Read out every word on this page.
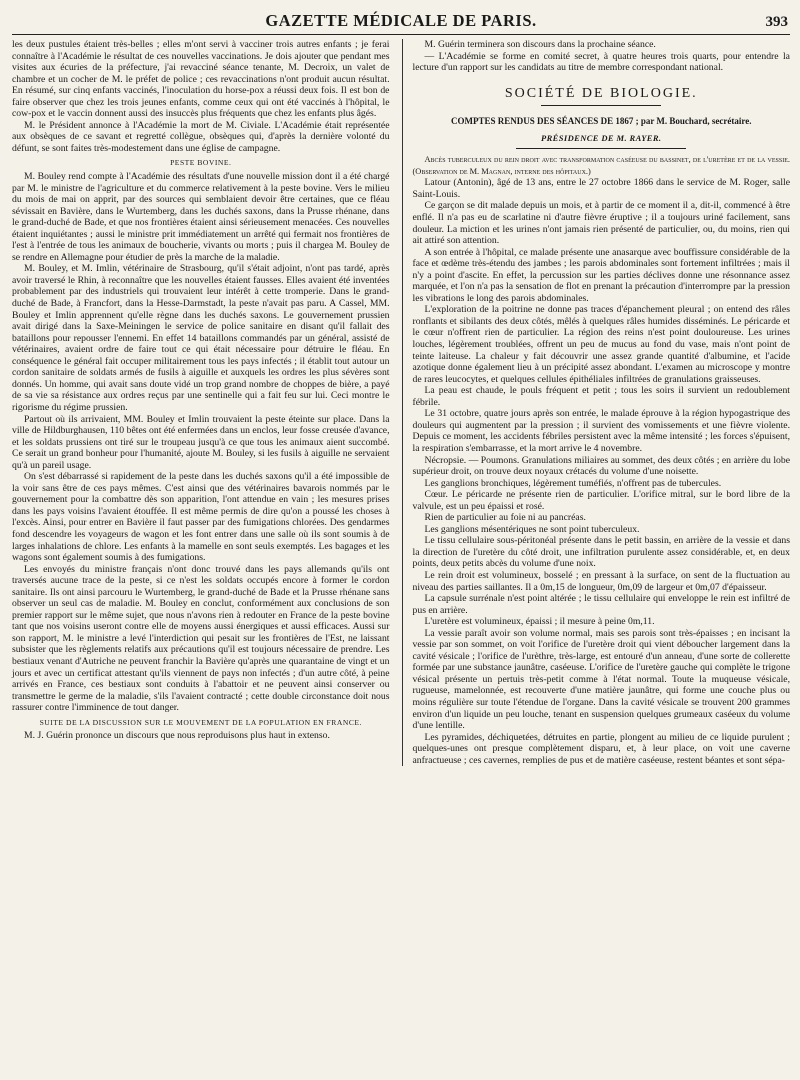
GAZETTE MÉDICALE DE PARIS.	393

les deux pustules étaient très-belles ; elles m'ont servi à vacciner trois autres enfants ; je ferai connaître à l'Académie le résultat de ces nouvelles vaccinations. Je dois ajouter que pendant mes visites aux écuries de la préfecture, j'ai revacciné séance tenante, M. Decroix, un valet de chambre et un cocher de M. le préfet de police ; ces revaccinations n'ont produit aucun résultat. En résumé, sur cinq enfants vaccinés, l'inoculation du horse-pox a réussi deux fois. Il est bon de faire observer que chez les trois jeunes enfants, comme ceux qui ont été vaccinés à l'hôpital, le cow-pox et le vaccin donnent aussi des insuccès plus fréquents que chez les enfants plus âgés.

M. le Président annonce à l'Académie la mort de M. Civiale. L'Académie était représentée aux obsèques de ce savant et regretté collègue, obsèques qui, d'après la dernière volonté du défunt, se sont faites très-modestement dans une église de campagne.

PESTE BOVINE.

M. Bouley rend compte à l'Académie des résultats d'une nouvelle mission dont il a été chargé par M. le ministre de l'agriculture et du commerce relativement à la peste bovine. Vers le milieu du mois de mai on apprit, par des sources qui semblaient devoir être certaines, que ce fléau sévissait en Bavière, dans le Wurtemberg, dans les duchés saxons, dans la Prusse rhénane, dans le grand-duché de Bade, et que nos frontières étaient ainsi sérieusement menacées. Ces nouvelles étaient inquiétantes ; aussi le ministre prit immédiatement un arrêté qui fermait nos frontières de l'est à l'entrée de tous les animaux de boucherie, vivants ou morts ; puis il chargea M. Bouley de se rendre en Allemagne pour étudier de près la marche de la maladie.

M. Bouley, et M. Imlin, vétérinaire de Strasbourg, qu'il s'était adjoint, n'ont pas tardé, après avoir traversé le Rhin, à reconnaître que les nouvelles étaient fausses. Elles avaient été inventées probablement par des industriels qui trouvaient leur intérêt à cette tromperie. Dans le grand-duché de Bade, à Francfort, dans la Hesse-Darmstadt, la peste n'avait pas paru. A Cassel, MM. Bouley et Imlin apprennent qu'elle règne dans les duchés saxons. Le gouvernement prussien avait dirigé dans la Saxe-Meiningen le service de police sanitaire en disant qu'il fallait des bataillons pour repousser l'ennemi. En effet 14 bataillons commandés par un général, assisté de vétérinaires, avaient ordre de faire tout ce qui était nécessaire pour détruire le fléau. En conséquence le général fait occuper militairement tous les pays infectés ; il établit tout autour un cordon sanitaire de soldats armés de fusils à aiguille et auxquels les ordres les plus sévères sont donnés. Un homme, qui avait sans doute vidé un trop grand nombre de choppes de bière, a payé de sa vie sa résistance aux ordres reçus par une sentinelle qui a fait feu sur lui. Ceci montre le rigorisme du régime prussien.

Partout où ils arrivaient, MM. Bouley et Imlin trouvaient la peste éteinte sur place. Dans la ville de Hildburghausen, 110 bêtes ont été enfermées dans un enclos, leur fosse creusée d'avance, et les soldats prussiens ont tiré sur le troupeau jusqu'à ce que tous les animaux aient succombé. Ce serait un grand bonheur pour l'humanité, ajoute M. Bouley, si les fusils à aiguille ne servaient qu'à un pareil usage.

On s'est débarrassé si rapidement de la peste dans les duchés saxons qu'il a été impossible de la voir sans être de ces pays mêmes. C'est ainsi que des vétérinaires bavarois nommés par le gouvernement pour la combattre dès son apparition, l'ont attendue en vain ; les mesures prises dans les pays voisins l'avaient étouffée. Il est même permis de dire qu'on a poussé les choses à l'excès. Ainsi, pour entrer en Bavière il faut passer par des fumigations chlorées. Des gendarmes fond descendre les voyageurs de wagon et les font entrer dans une salle où ils sont soumis à de larges inhalations de chlore. Les enfants à la mamelle en sont seuls exemptés. Les bagages et les wagons sont également soumis à des fumigations.

Les envoyés du ministre français n'ont donc trouvé dans les pays allemands qu'ils ont traversés aucune trace de la peste, si ce n'est les soldats occupés encore à former le cordon sanitaire. Ils ont ainsi parcouru le Wurtemberg, le grand-duché de Bade et la Prusse rhénane sans observer un seul cas de maladie. M. Bouley en conclut, conformément aux conclusions de son premier rapport sur le même sujet, que nous n'avons rien à redouter en France de la peste bovine tant que nos voisins useront contre elle de moyens aussi énergiques et aussi efficaces. Aussi sur son rapport, M. le ministre a levé l'interdiction qui pesait sur les frontières de l'Est, ne laissant subsister que les règlements relatifs aux précautions qu'il est toujours nécessaire de prendre. Les bestiaux venant d'Autriche ne peuvent franchir la Bavière qu'après une quarantaine de vingt et un jours et avec un certificat attestant qu'ils viennent de pays non infectés ; d'un autre côté, à peine arrivés en France, ces bestiaux sont conduits à l'abattoir et ne peuvent ainsi conserver ou transmettre le germe de la maladie, s'ils l'avaient contracté ; cette double circonstance doit nous rassurer contre l'imminence de tout danger.

SUITE DE LA DISCUSSION SUR LE MOUVEMENT DE LA POPULATION EN FRANCE.

M. J. Guérin prononce un discours que nous reproduisons plus haut in extenso.

M. Guérin terminera son discours dans la prochaine séance.

— L'Académie se forme en comité secret, à quatre heures trois quarts, pour entendre la lecture d'un rapport sur les candidats au titre de membre correspondant national.

SOCIÉTÉ DE BIOLOGIE.
COMPTES RENDUS DES SÉANCES DE 1867 ; par M. Bouchard, secrétaire.
PRÉSIDENCE DE M. RAYER.

Abcès tuberculeux du rein droit avec transformation caséeuse du bassinet, de l'uretère et de la vessie. (Observation de M. Magnan, interne des hôpitaux.)

Latour (Antonin), âgé de 13 ans, entre le 27 octobre 1866 dans le service de M. Roger, salle Saint-Louis.

Ce garçon se dit malade depuis un mois, et à partir de ce moment il a, dit-il, commencé à être enflé. Il n'a pas eu de scarlatine ni d'autre fièvre éruptive ; il a toujours uriné facilement, sans douleur. La miction et les urines n'ont jamais rien présenté de particulier, ou, du moins, rien qui ait attiré son attention.

A son entrée à l'hôpital, ce malade présente une anasarque avec bouffissure considérable de la face et œdème très-étendu des jambes ; les parois abdominales sont fortement infiltrées ; mais il n'y a point d'ascite. En effet, la percussion sur les parties déclives donne une résonnance assez marquée, et l'on n'a pas la sensation de flot en prenant la précaution d'interrompre par la pression les vibrations le long des parois abdominales.

L'exploration de la poitrine ne donne pas traces d'épanchement pleural ; on entend des râles ronflants et sibilants des deux côtés, mêlés à quelques râles humides disséminés. Le péricarde et le cœur n'offrent rien de particulier. La région des reins n'est point douloureuse. Les urines louches, légèrement troublées, offrent un peu de mucus au fond du vase, mais n'ont point de teinte laiteuse. La chaleur y fait découvrir une assez grande quantité d'albumine, et l'acide azotique donne également lieu à un précipité assez abondant. L'examen au microscope y montre de rares leucocytes, et quelques cellules épithéliales infiltrées de granulations graisseuses.

La peau est chaude, le pouls fréquent et petit ; tous les soirs il survient un redoublement fébrile.

Le 31 octobre, quatre jours après son entrée, le malade éprouve à la région hypogastrique des douleurs qui augmentent par la pression ; il survient des vomissements et une fièvre violente. Depuis ce moment, les accidents fébriles persistent avec la même intensité ; les forces s'épuisent, la respiration s'embarrasse, et la mort arrive le 4 novembre.

Nécropsie. — Poumons. Granulations miliaires au sommet, des deux côtés ; en arrière du lobe supérieur droit, on trouve deux noyaux crétacés du volume d'une noisette.

Les ganglions bronchiques, légèrement tuméfiés, n'offrent pas de tubercules.

Cœur. Le péricarde ne présente rien de particulier. L'orifice mitral, sur le bord libre de la valvule, est un peu épaissi et rosé.

Rien de particulier au foie ni au pancréas.

Les ganglions mésentériques ne sont point tuberculeux.

Le tissu cellulaire sous-péritonéal présente dans le petit bassin, en arrière de la vessie et dans la direction de l'uretère du côté droit, une infiltration purulente assez considérable, et, en deux points, deux petits abcès du volume d'une noix.

Le rein droit est volumineux, bosselé ; en pressant à la surface, on sent de la fluctuation au niveau des parties saillantes. Il a 0m,15 de longueur, 0m,09 de largeur et 0m,07 d'épaisseur.

La capsule surrénale n'est point altérée ; le tissu cellulaire qui enveloppe le rein est infiltré de pus en arrière.

L'uretère est volumineux, épaissi ; il mesure à peine 0m,11.

La vessie paraît avoir son volume normal, mais ses parois sont très-épaisses ; en incisant la vessie par son sommet, on voit l'orifice de l'uretère droit qui vient déboucher largement dans la cavité vésicale ; l'orifice de l'urèthre, très-large, est entouré d'un anneau, d'une sorte de collerette formée par une substance jaunâtre, caséeuse. L'orifice de l'uretère gauche qui complète le trigone vésical présente un pertuis très-petit comme à l'état normal. Toute la muqueuse vésicale, rugueuse, mamelonnée, est recouverte d'une matière jaunâtre, qui forme une couche plus ou moins régulière sur toute l'étendue de l'organe. Dans la cavité vésicale se trouvent 200 grammes environ d'un liquide un peu louche, tenant en suspension quelques grumeaux caséeux du volume d'une lentille.

Les pyramides, déchiquetées, détruites en partie, plongent au milieu de ce liquide purulent ; quelques-unes ont presque complètement disparu, et, à leur place, on voit une caverne anfractueuse ; ces cavernes, remplies de pus et de matière caséeuse, restent béantes et sont sépa-
